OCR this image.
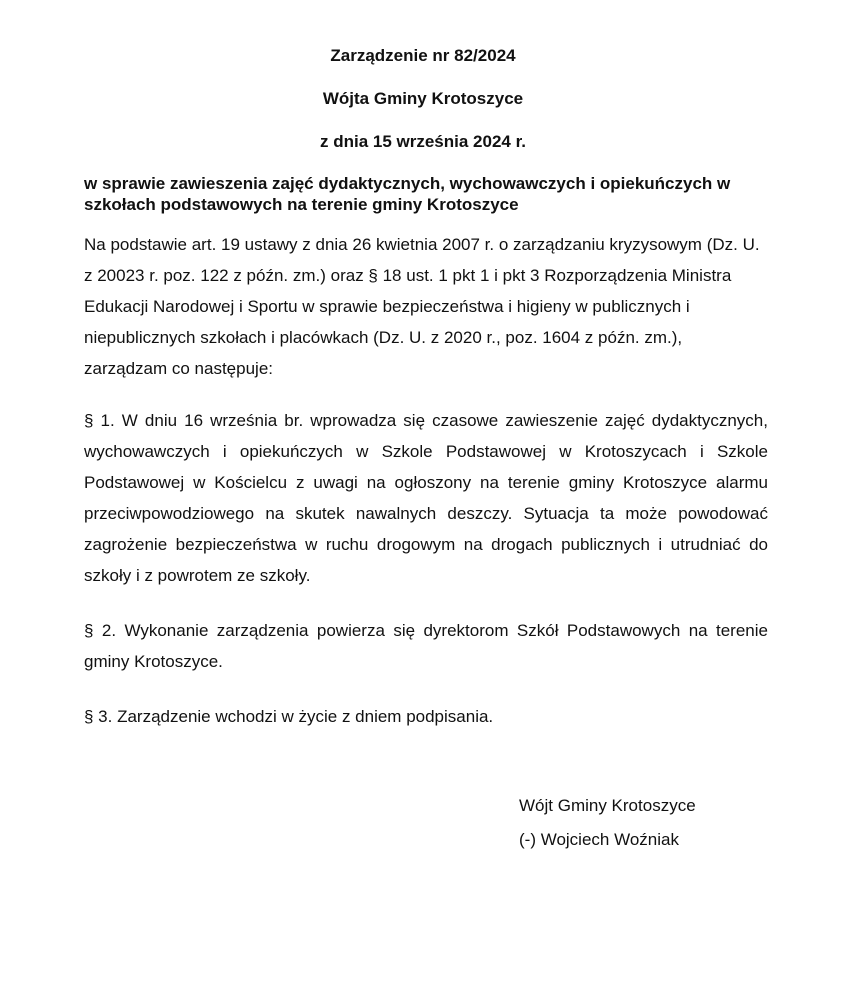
Zarządzenie nr 82/2024
Wójta Gminy Krotoszyce
z dnia 15 września 2024 r.
w sprawie zawieszenia zajęć dydaktycznych, wychowawczych i opiekuńczych w szkołach podstawowych na terenie gminy Krotoszyce
Na podstawie art. 19 ustawy z dnia 26 kwietnia 2007 r. o zarządzaniu kryzysowym (Dz. U. z 20023 r. poz. 122 z późn. zm.) oraz § 18 ust. 1 pkt 1 i pkt 3 Rozporządzenia Ministra Edukacji Narodowej i Sportu w sprawie bezpieczeństwa i higieny w publicznych i niepublicznych szkołach i placówkach (Dz. U. z 2020 r., poz. 1604 z późn. zm.), zarządzam co następuje:
§ 1. W dniu 16 września br. wprowadza się czasowe zawieszenie zajęć dydaktycznych, wychowawczych i opiekuńczych w Szkole Podstawowej w Krotoszycach i Szkole Podstawowej w Kościelcu z uwagi na ogłoszony na terenie gminy Krotoszyce alarmu przeciwpowodziowego na skutek nawalnych deszczy. Sytuacja ta może powodować zagrożenie bezpieczeństwa w ruchu drogowym na drogach publicznych i utrudniać do szkoły i z powrotem ze szkoły.
§ 2. Wykonanie zarządzenia powierza się dyrektorom Szkół Podstawowych na terenie gminy Krotoszyce.
§ 3. Zarządzenie wchodzi w życie z dniem podpisania.
Wójt Gminy Krotoszyce
(-) Wojciech Woźniak
